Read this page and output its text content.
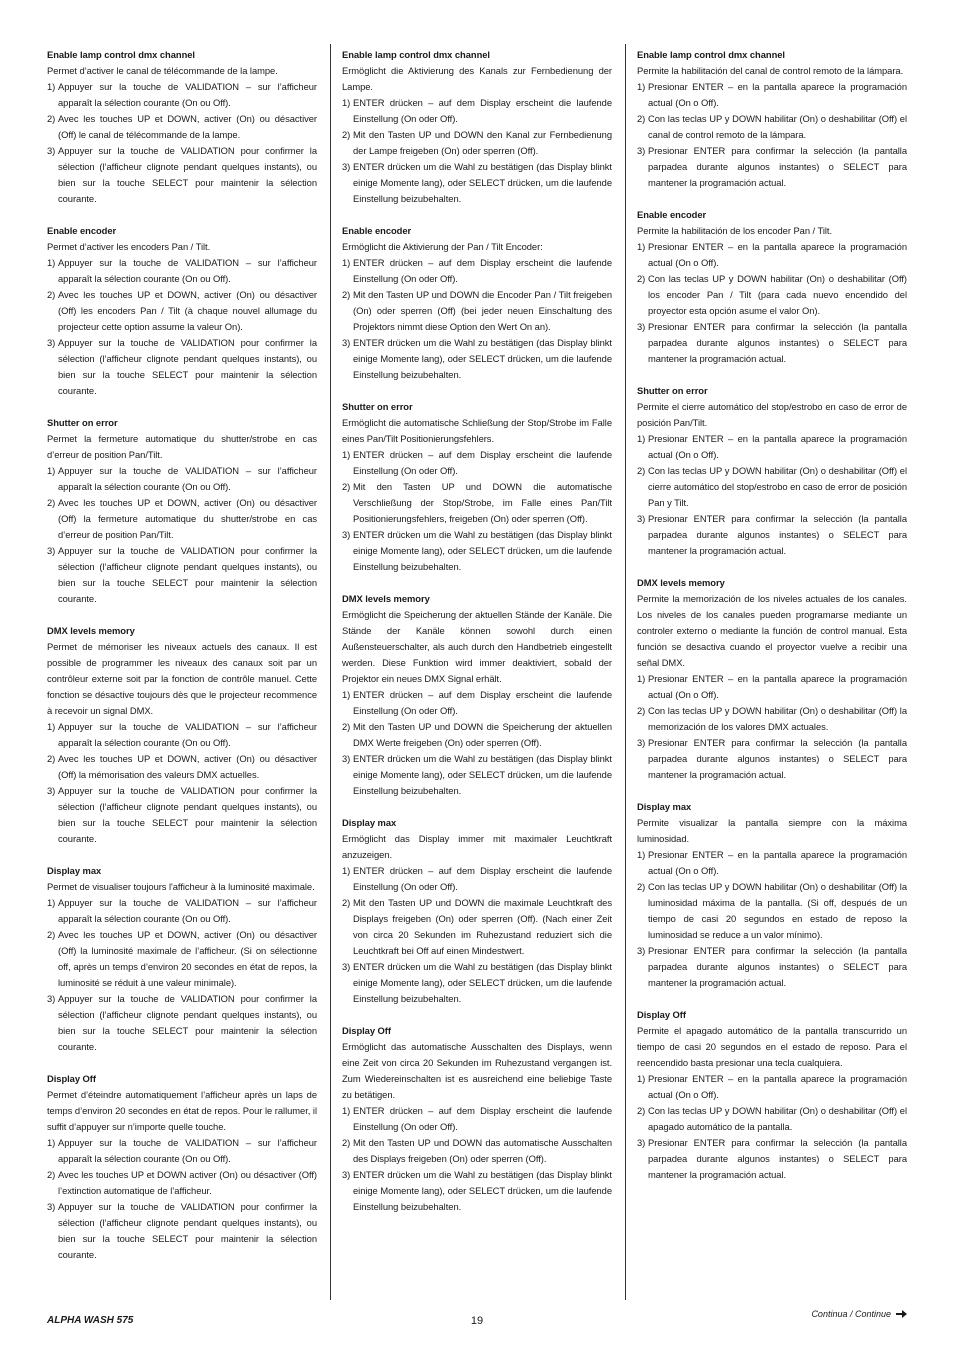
Enable lamp control dmx channel

Permet d’activer le canal de télécommande de la lampe.

1) Appuyer sur la touche de VALIDATION – sur l’afficheur apparaît la sélection courante (On ou Off).
2) Avec les touches UP et DOWN, activer (On) ou désactiver (Off) le canal de télécommande de la lampe.
3) Appuyer sur la touche de VALIDATION pour confirmer la sélection (l’afficheur clignote pendant quelques instants), ou bien sur la touche SELECT pour maintenir la sélection courante.

Enable encoder

Permet d’activer les encoders Pan / Tilt.

1) Appuyer sur la touche de VALIDATION – sur l’afficheur apparaît la sélection courante (On ou Off).
2) Avec les touches UP et DOWN, activer (On) ou désactiver (Off) les encoders Pan / Tilt (à chaque nouvel allumage du projecteur cette option assume la valeur On).
3) Appuyer sur la touche de VALIDATION pour confirmer la sélection (l’afficheur clignote pendant quelques instants), ou bien sur la touche SELECT pour maintenir la sélection courante.

Shutter on error

Permet la fermeture automatique du shutter/strobe en cas d’erreur de position Pan/Tilt.

1) Appuyer sur la touche de VALIDATION – sur l’afficheur apparaît la sélection courante (On ou Off).
2) Avec les touches UP et DOWN, activer (On) ou désactiver (Off) la fermeture automatique du shutter/strobe en cas d’erreur de position Pan/Tilt.
3) Appuyer sur la touche de VALIDATION pour confirmer la sélection (l’afficheur clignote pendant quelques instants), ou bien sur la touche SELECT pour maintenir la sélection courante.

DMX levels memory

Permet de mémoriser les niveaux actuels des canaux. Il est possible de programmer les niveaux des canaux soit par un contrôleur externe soit par la fonction de contrôle manuel. Cette fonction se désactive toujours dès que le projecteur recommence à recevoir un signal DMX.

1) Appuyer sur la touche de VALIDATION – sur l’afficheur apparaît la sélection courante (On ou Off).
2) Avec les touches UP et DOWN, activer (On) ou désactiver (Off) la mémorisation des valeurs DMX actuelles.
3) Appuyer sur la touche de VALIDATION pour confirmer la sélection (l’afficheur clignote pendant quelques instants), ou bien sur la touche SELECT pour maintenir la sélection courante.

Display max

Permet de visualiser toujours l'afficheur à la luminosité maximale.

1) Appuyer sur la touche de VALIDATION – sur l’afficheur apparaît la sélection courante (On ou Off).
2) Avec les touches UP et DOWN, activer (On) ou désactiver (Off) la luminosité maximale de l’afficheur. (Si on sélectionne off, après un temps d’environ 20 secondes en état de repos, la luminosité se réduit à une valeur minimale).
3) Appuyer sur la touche de VALIDATION pour confirmer la sélection (l’afficheur clignote pendant quelques instants), ou bien sur la touche SELECT pour maintenir la sélection courante.

Display Off

Permet d’éteindre automatiquement l’afficheur après un laps de temps d’environ 20 secondes en état de repos. Pour le rallumer, il suffit d’appuyer sur n’importe quelle touche.

1) Appuyer sur la touche de VALIDATION – sur l’afficheur apparaît la sélection courante (On ou Off).
2) Avec les touches UP et DOWN activer (On) ou désactiver (Off) l’extinction automatique de l’afficheur.
3) Appuyer sur la touche de VALIDATION pour confirmer la sélection (l’afficheur clignote pendant quelques instants), ou bien sur la touche SELECT pour maintenir la sélection courante.

Enable lamp control dmx channel

Ermöglicht die Aktivierung des Kanals zur Fernbedienung der Lampe.

1) ENTER drücken – auf dem Display erscheint die laufende Einstellung (On oder Off).
2) Mit den Tasten UP und DOWN den Kanal zur Fernbedienung der Lampe freigeben (On) oder sperren (Off).
3) ENTER drücken um die Wahl zu bestätigen (das Display blinkt einige Momente lang), oder SELECT drücken, um die laufende Einstellung beizubehalten.

Enable encoder

Ermöglicht die Aktivierung der Pan / Tilt Encoder:

1) ENTER drücken – auf dem Display erscheint die laufende Einstellung (On oder Off).
2) Mit den Tasten UP und DOWN die Encoder Pan / Tilt freigeben (On) oder sperren (Off) (bei jeder neuen Einschaltung des Projektors nimmt diese Option den Wert On an).
3) ENTER drücken um die Wahl zu bestätigen (das Display blinkt einige Momente lang), oder SELECT drücken, um die laufende Einstellung beizubehalten.

Shutter on error

Ermöglicht die automatische Schließung der Stop/Strobe im Falle eines Pan/Tilt Positionierungsfehlers.

1) ENTER drücken – auf dem Display erscheint die laufende Einstellung (On oder Off).
2) Mit den Tasten UP und DOWN die automatische Verschließung der Stop/Strobe, im Falle eines Pan/Tilt Positionierungsfehlers, freigeben (On) oder sperren (Off).
3) ENTER drücken um die Wahl zu bestätigen (das Display blinkt einige Momente lang), oder SELECT drücken, um die laufende Einstellung beizubehalten.

DMX levels memory

Ermöglicht die Speicherung der aktuellen Stände der Kanäle. Die Stände der Kanäle können sowohl durch einen Außensteuerschalter, als auch durch den Handbetrieb eingestellt werden. Diese Funktion wird immer deaktiviert, sobald der Projektor ein neues DMX Signal erhält.

1) ENTER drücken – auf dem Display erscheint die laufende Einstellung (On oder Off).
2) Mit den Tasten UP und DOWN die Speicherung der aktuellen DMX Werte freigeben (On) oder sperren (Off).
3) ENTER drücken um die Wahl zu bestätigen (das Display blinkt einige Momente lang), oder SELECT drücken, um die laufende Einstellung beizubehalten.

Display max

Ermöglicht das Display immer mit maximaler Leuchtkraft anzuzeigen.

1) ENTER drücken – auf dem Display erscheint die laufende Einstellung (On oder Off).
2) Mit den Tasten UP und DOWN die maximale Leuchtkraft des Displays freigeben (On) oder sperren (Off). (Nach einer Zeit von circa 20 Sekunden im Ruhezustand reduziert sich die Leuchtkraft bei Off auf einen Mindestwert.
3) ENTER drücken um die Wahl zu bestätigen (das Display blinkt einige Momente lang), oder SELECT drücken, um die laufende Einstellung beizubehalten.

Display Off

Ermöglicht das automatische Ausschalten des Displays, wenn eine Zeit von circa 20 Sekunden im Ruhezustand vergangen ist. Zum Wiedereinschalten ist es ausreichend eine beliebige Taste zu betätigen.

1) ENTER drücken – auf dem Display erscheint die laufende Einstellung (On oder Off).
2) Mit den Tasten UP und DOWN das automatische Ausschalten des Displays freigeben (On) oder sperren (Off).
3) ENTER drücken um die Wahl zu bestätigen (das Display blinkt einige Momente lang), oder SELECT drücken, um die laufende Einstellung beizubehalten.

Enable lamp control dmx channel

Permite la habilitación del canal de control remoto de la lámpara.

1) Presionar ENTER – en la pantalla aparece la programación actual (On o Off).
2) Con las teclas UP y DOWN habilitar (On) o deshabilitar (Off) el canal de control remoto de la lámpara.
3) Presionar ENTER para confirmar la selección (la pantalla parpadea durante algunos instantes) o SELECT para mantener la programación actual.

Enable encoder

Permite la habilitación de los encoder Pan / Tilt.

1) Presionar ENTER – en la pantalla aparece la programación actual (On o Off).
2) Con las teclas UP y DOWN habilitar (On) o deshabilitar (Off) los encoder Pan / Tilt (para cada nuevo encendido del proyector esta opción asume el valor On).
3) Presionar ENTER para confirmar la selección (la pantalla parpadea durante algunos instantes) o SELECT para mantener la programación actual.

Shutter on error

Permite el cierre automático del stop/estrobo en caso de error de posición Pan/Tilt.

1) Presionar ENTER – en la pantalla aparece la programación actual (On o Off).
2) Con las teclas UP y DOWN habilitar (On) o deshabilitar (Off) el cierre automático del stop/estrobo en caso de error de posición Pan y Tilt.
3) Presionar ENTER para confirmar la selección (la pantalla parpadea durante algunos instantes) o SELECT para mantener la programación actual.

DMX levels memory

Permite la memorización de los niveles actuales de los canales. Los niveles de los canales pueden programarse mediante un controler externo o mediante la función de control manual. Esta función se desactiva cuando el proyector vuelve a recibir una señal DMX.

1) Presionar ENTER – en la pantalla aparece la programación actual (On o Off).
2) Con las teclas UP y DOWN habilitar (On) o deshabilitar (Off) la memorización de los valores DMX actuales.
3) Presionar ENTER para confirmar la selección (la pantalla parpadea durante algunos instantes) o SELECT para mantener la programación actual.

Display max

Permite visualizar la pantalla siempre con la máxima luminosidad.

1) Presionar ENTER – en la pantalla aparece la programación actual (On o Off).
2) Con las teclas UP y DOWN habilitar (On) o deshabilitar (Off) la luminosidad máxima de la pantalla. (Si off, después de un tiempo de casi 20 segundos en estado de reposo la luminosidad se reduce a un valor mínimo).
3) Presionar ENTER para confirmar la selección (la pantalla parpadea durante algunos instantes) o SELECT para mantener la programación actual.

Display Off

Permite el apagado automático de la pantalla transcurrido un tiempo de casi 20 segundos en el estado de reposo. Para el reencendido basta presionar una tecla cualquiera.

1) Presionar ENTER – en la pantalla aparece la programación actual (On o Off).
2) Con las teclas UP y DOWN habilitar (On) o deshabilitar (Off) el apagado automático de la pantalla.
3) Presionar ENTER para confirmar la selección (la pantalla parpadea durante algunos instantes) o SELECT para mantener la programación actual.
ALPHA WASH 575	19
Continua / Continue
